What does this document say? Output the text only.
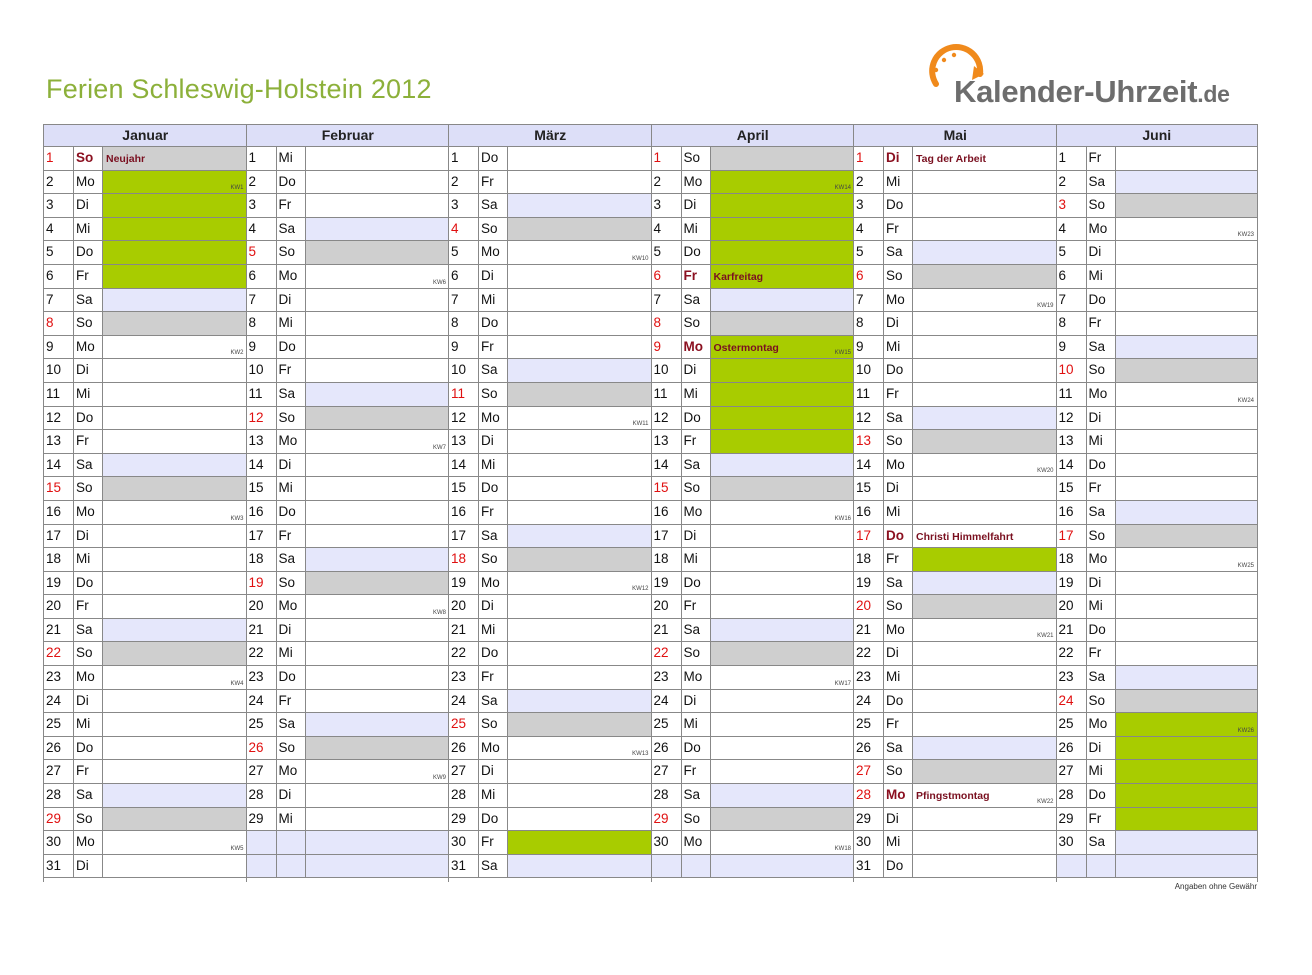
Ferien Schleswig-Holstein 2012	Kalender-Uhrzeit.de
Januar
1	So	Neujahr
2	Mo	KW1
3	Di
4	Mi
5	Do
6	Fr
7	Sa
8	So
9	Mo	KW2
10	Di
11	Mi
12	Do
13	Fr
14	Sa
15	So
16	Mo	KW3
17	Di
18	Mi
19	Do
20	Fr
21	Sa
22	So
23	Mo	KW4
24	Di
25	Mi
26	Do
27	Fr
28	Sa
29	So
30	Mo	KW5
31	Di
Februar
1	Mi
2	Do
3	Fr
4	Sa
5	So
6	Mo	KW6
7	Di
8	Mi
9	Do
10	Fr
11	Sa
12	So
13	Mo	KW7
14	Di
15	Mi
16	Do
17	Fr
18	Sa
19	So
20	Mo	KW8
21	Di
22	Mi
23	Do
24	Fr
25	Sa
26	So
27	Mo	KW9
28	Di
29	Mi
März
1	Do
2	Fr
3	Sa
4	So
5	Mo	KW10
6	Di
7	Mi
8	Do
9	Fr
10	Sa
11	So
12	Mo	KW11
13	Di
14	Mi
15	Do
16	Fr
17	Sa
18	So
19	Mo	KW12
20	Di
21	Mi
22	Do
23	Fr
24	Sa
25	So
26	Mo	KW13
27	Di
28	Mi
29	Do
30	Fr
31	Sa
April
1	So
2	Mo	KW14
3	Di
4	Mi
5	Do
6	Fr	Karfreitag
7	Sa
8	So
9	Mo	Ostermontag	KW15
10	Di
11	Mi
12	Do
13	Fr
14	Sa
15	So
16	Mo	KW16
17	Di
18	Mi
19	Do
20	Fr
21	Sa
22	So
23	Mo	KW17
24	Di
25	Mi
26	Do
27	Fr
28	Sa
29	So
30	Mo	KW18
Mai
1	Di	Tag der Arbeit
2	Mi
3	Do
4	Fr
5	Sa
6	So
7	Mo	KW19
8	Di
9	Mi
10	Do
11	Fr
12	Sa
13	So
14	Mo	KW20
15	Di
16	Mi
17	Do	Christi Himmelfahrt
18	Fr
19	Sa
20	So
21	Mo	KW21
22	Di
23	Mi
24	Do
25	Fr
26	Sa
27	So
28	Mo	Pfingstmontag	KW22
29	Di
30	Mi
31	Do
Juni
1	Fr
2	Sa
3	So
4	Mo	KW23
5	Di
6	Mi
7	Do
8	Fr
9	Sa
10	So
11	Mo	KW24
12	Di
13	Mi
14	Do
15	Fr
16	Sa
17	So
18	Mo	KW25
19	Di
20	Mi
21	Do
22	Fr
23	Sa
24	So
25	Mo	KW26
26	Di
27	Mi
28	Do
29	Fr
30	Sa
Angaben ohne Gewähr
